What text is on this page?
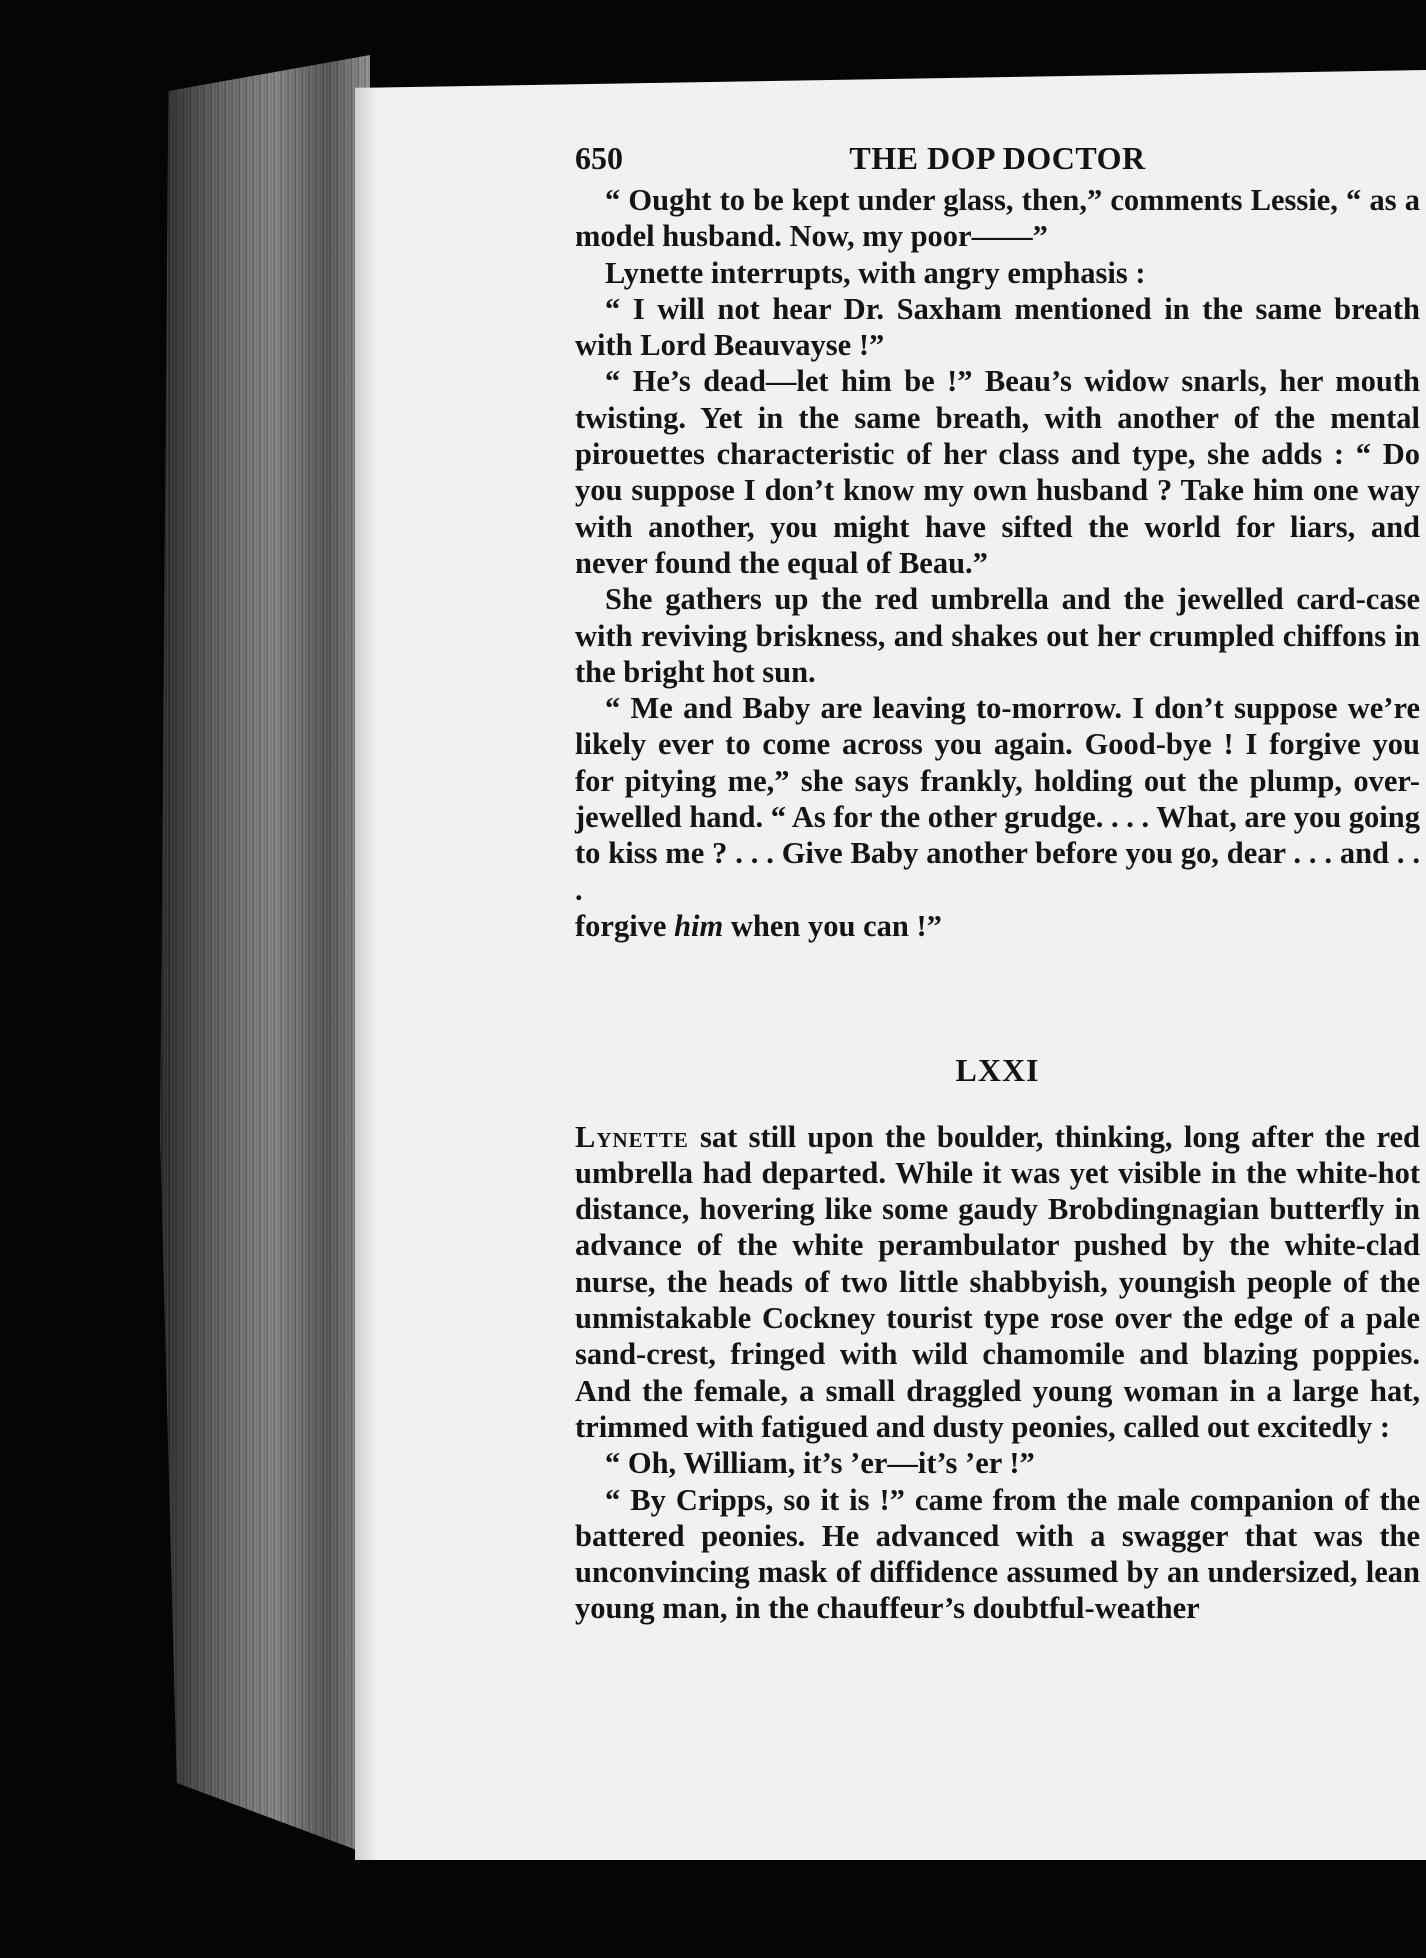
650	THE DOP DOCTOR

“ Ought to be kept under glass, then,” comments Lessie, “ as a model husband. Now, my poor——”

Lynette interrupts, with angry emphasis :

“ I will not hear Dr. Saxham mentioned in the same breath with Lord Beauvayse !”

“ He’s dead—let him be !” Beau’s widow snarls, her mouth twisting. Yet in the same breath, with another of the mental pirouettes characteristic of her class and type, she adds : “ Do you suppose I don’t know my own husband ? Take him one way with another, you might have sifted the world for liars, and never found the equal of Beau.”

She gathers up the red umbrella and the jewelled card-case with reviving briskness, and shakes out her crumpled chiffons in the bright hot sun.

“ Me and Baby are leaving to-morrow. I don’t suppose we’re likely ever to come across you again. Good-bye ! I forgive you for pitying me,” she says frankly, holding out the plump, over-jewelled hand. “ As for the other grudge. . . . What, are you going to kiss me ? . . . Give Baby another before you go, dear . . . and . . .

forgive him when you can !”

LXXI

Lynette sat still upon the boulder, thinking, long after the red umbrella had departed. While it was yet visible in the white-hot distance, hovering like some gaudy Brobdingnagian butterfly in advance of the white perambulator pushed by the white-clad nurse, the heads of two little shabbyish, youngish people of the unmistakable Cockney tourist type rose over the edge of a pale sand-crest, fringed with wild chamomile and blazing poppies. And the female, a small draggled young woman in a large hat, trimmed with fatigued and dusty peonies, called out excitedly :

“ Oh, William, it’s ’er—it’s ’er !”

“ By Cripps, so it is !” came from the male companion of the battered peonies. He advanced with a swagger that was the unconvincing mask of diffidence assumed by an undersized, lean young man, in the chauffeur’s doubtful-weather
